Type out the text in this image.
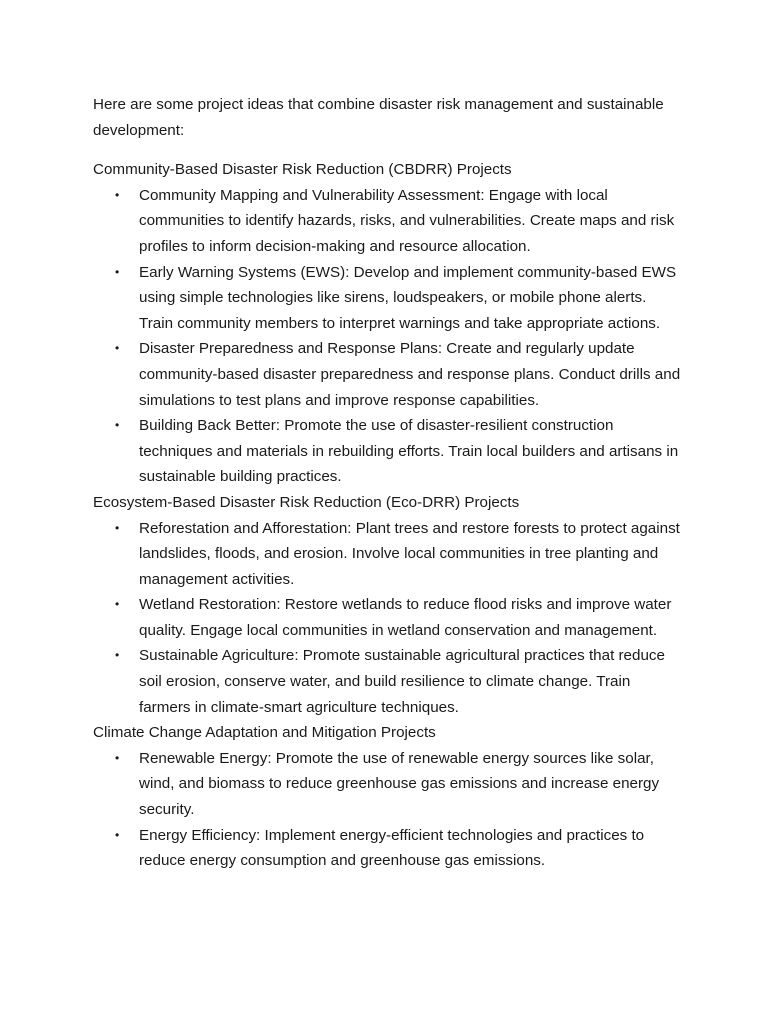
Here are some project ideas that combine disaster risk management and sustainable development:

Community-Based Disaster Risk Reduction (CBDRR) Projects

• Community Mapping and Vulnerability Assessment: Engage with local communities to identify hazards, risks, and vulnerabilities. Create maps and risk profiles to inform decision-making and resource allocation.
• Early Warning Systems (EWS): Develop and implement community-based EWS using simple technologies like sirens, loudspeakers, or mobile phone alerts. Train community members to interpret warnings and take appropriate actions.
• Disaster Preparedness and Response Plans: Create and regularly update community-based disaster preparedness and response plans. Conduct drills and simulations to test plans and improve response capabilities.
• Building Back Better: Promote the use of disaster-resilient construction techniques and materials in rebuilding efforts. Train local builders and artisans in sustainable building practices.

Ecosystem-Based Disaster Risk Reduction (Eco-DRR) Projects

• Reforestation and Afforestation: Plant trees and restore forests to protect against landslides, floods, and erosion. Involve local communities in tree planting and management activities.
• Wetland Restoration: Restore wetlands to reduce flood risks and improve water quality. Engage local communities in wetland conservation and management.
• Sustainable Agriculture: Promote sustainable agricultural practices that reduce soil erosion, conserve water, and build resilience to climate change. Train farmers in climate-smart agriculture techniques.

Climate Change Adaptation and Mitigation Projects

• Renewable Energy: Promote the use of renewable energy sources like solar, wind, and biomass to reduce greenhouse gas emissions and increase energy security.
• Energy Efficiency: Implement energy-efficient technologies and practices to reduce energy consumption and greenhouse gas emissions.
